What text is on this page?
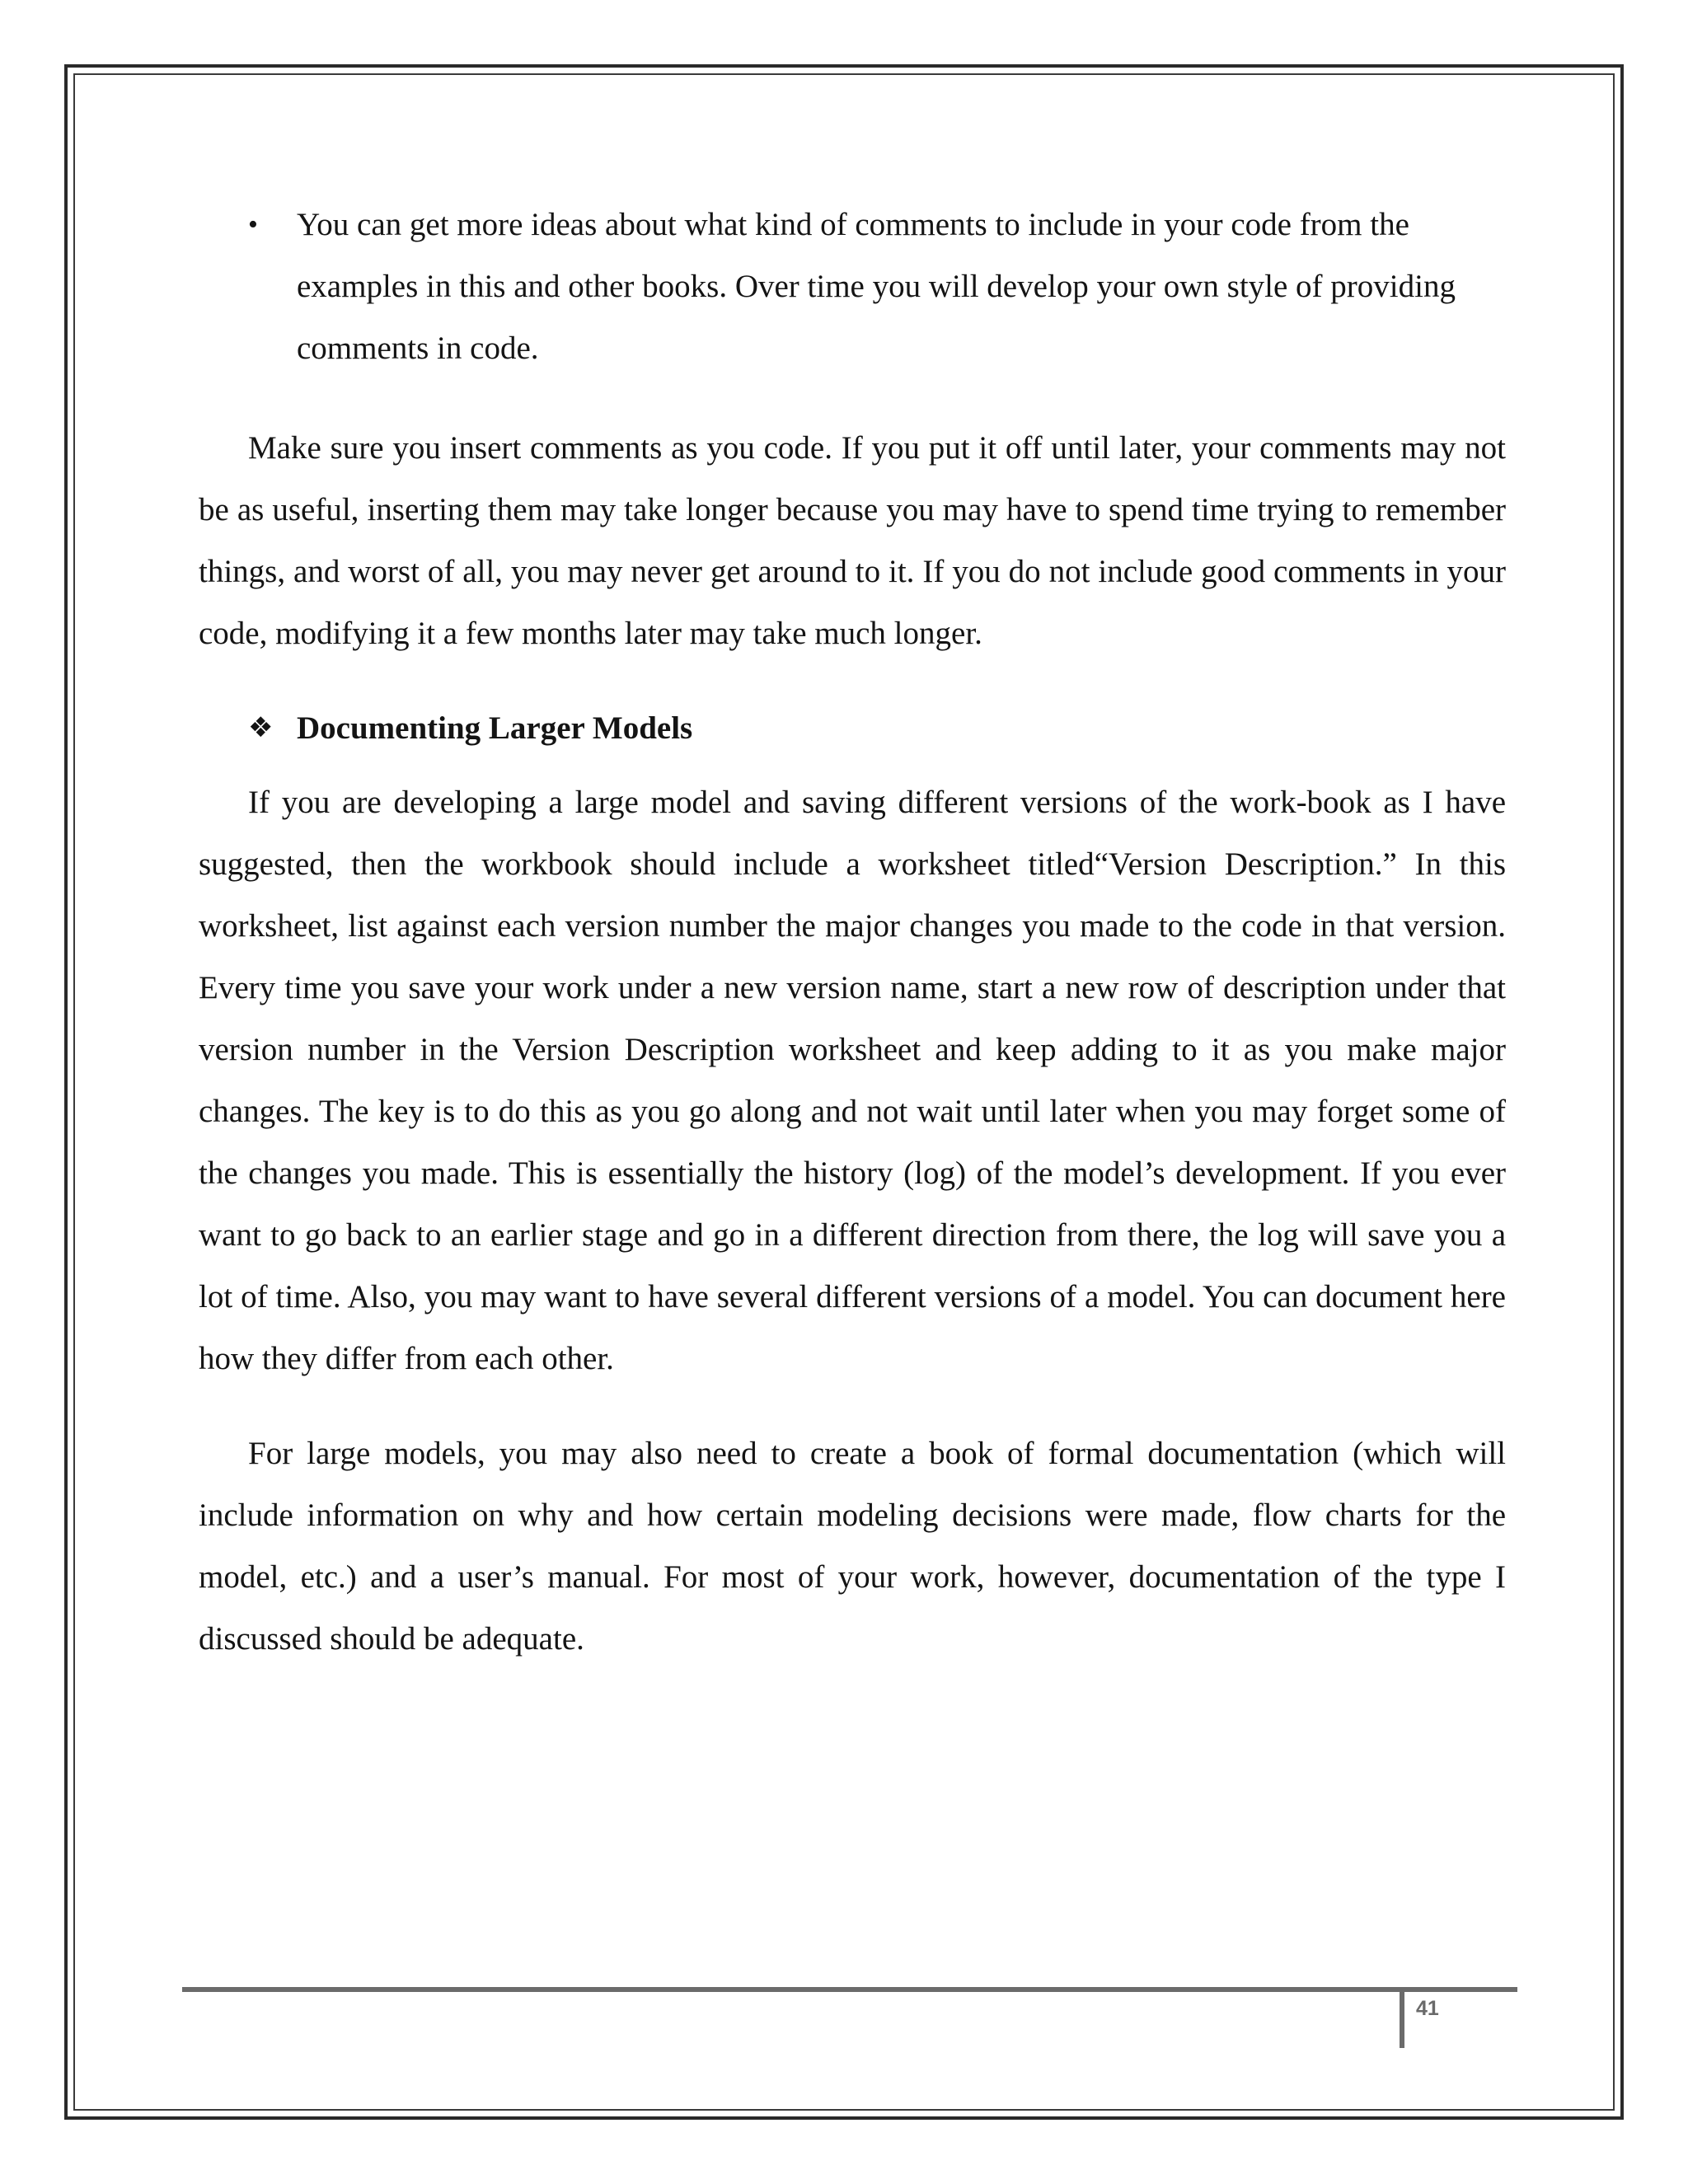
• You can get more ideas about what kind of comments to include in your code from the examples in this and other books. Over time you will develop your own style of providing comments in code.

Make sure you insert comments as you code. If you put it off until later, your comments may not be as useful, inserting them may take longer because you may have to spend time trying to remember things, and worst of all, you may never get around to it. If you do not include good comments in your code, modifying it a few months later may take much longer.

❖ Documenting Larger Models

If you are developing a large model and saving different versions of the work-book as I have suggested, then the workbook should include a worksheet titled“Version Description.” In this worksheet, list against each version number the major changes you made to the code in that version. Every time you save your work under a new version name, start a new row of description under that version number in the Version Description worksheet and keep adding to it as you make major changes. The key is to do this as you go along and not wait until later when you may forget some of the changes you made. This is essentially the history (log) of the model’s development. If you ever want to go back to an earlier stage and go in a different direction from there, the log will save you a lot of time. Also, you may want to have several different versions of a model. You can document here how they differ from each other.

For large models, you may also need to create a book of formal documentation (which will include information on why and how certain modeling decisions were made, flow charts for the model, etc.) and a user’s manual. For most of your work, however, documentation of the type I discussed should be adequate.

41
